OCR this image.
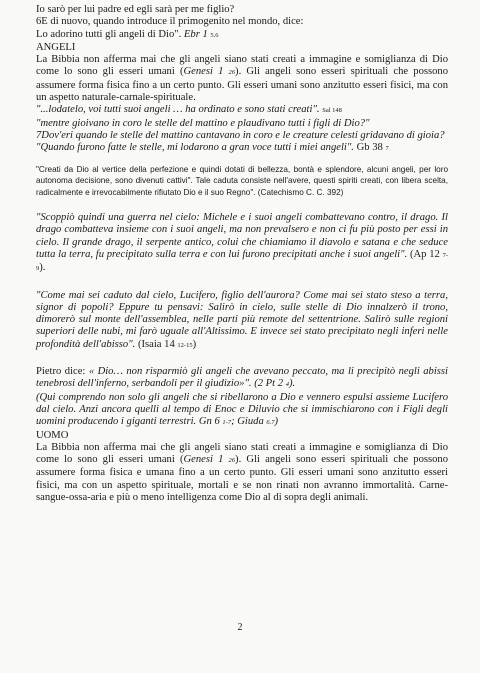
Io sarò per lui padre ed egli sarà per me figlio?

6E di nuovo, quando introduce il primogenito nel mondo, dice:

Lo adorino tutti gli angeli di Dio". Ebr 1 5.6

ANGELI

La Bibbia non afferma mai che gli angeli siano stati creati a immagine e somiglianza di Dio come lo sono gli esseri umani (Genesi 1 26). Gli angeli sono esseri spirituali che possono assumere forma fisica fino a un certo punto. Gli esseri umani sono anzitutto esseri fisici, ma con un aspetto naturale-carnale-spirituale.

"...lodatelo, voi tutti suoi angeli … ha ordinato e sono stati creati". Sal 148

"mentre gioivano in coro le stelle del mattino e plaudivano tutti i figli di Dio?"

7Dov'eri quando le stelle del mattino cantavano in coro e le creature celesti gridavano di gioia?

"Quando furono fatte le stelle, mi lodarono a gran voce tutti i miei angeli". Gb 38 7

"Creati da Dio al vertice della perfezione e quindi dotati di bellezza, bontà e splendore, alcuni angeli, per loro autonoma decisione, sono divenuti cattivi". Tale caduta consiste nell'avere, questi spiriti creati, con libera scelta, radicalmente e irrevocabilmente rifiutato Dio e il suo Regno". (Catechismo C. C. 392)

"Scoppiò quindi una guerra nel cielo: Michele e i suoi angeli combattevano contro, il drago. Il drago combatteva insieme con i suoi angeli, ma non prevalsero e non ci fu più posto per essi in cielo. Il grande drago, il serpente antico, colui che chiamiamo il diavolo e satana e che seduce tutta la terra, fu precipitato sulla terra e con lui furono precipitati anche i suoi angeli". (Ap 12 7-9).

"Come mai sei caduto dal cielo, Lucifero, figlio dell'aurora? Come mai sei stato steso a terra, signor di popoli? Eppure tu pensavi: Salirò in cielo, sulle stelle di Dio innalzerò il trono, dimorerò sul monte dell'assemblea, nelle parti più remote del settentrione. Salirò sulle regioni superiori delle nubi, mi farò uguale all'Altissimo. E invece sei stato precipitato negli inferi nelle profondità dell'abisso". (Isaia 14 12-15)

Pietro dice: « Dio… non risparmiò gli angeli che avevano peccato, ma li precipitò negli abissi tenebrosi dell'inferno, serbandoli per il giudizio»". (2 Pt 2 4).

(Qui comprendo non solo gli angeli che si ribellarono a Dio e vennero espulsi assieme Lucifero dal cielo. Anzi ancora quelli al tempo di Enoc e Diluvio che si immischiarono con i Figli degli uomini producendo i giganti terrestri. Gn 6 1-7; Giuda 6.7)

UOMO

La Bibbia non afferma mai che gli angeli siano stati creati a immagine e somiglianza di Dio come lo sono gli esseri umani (Genesi 1 26). Gli angeli sono esseri spirituali che possono assumere forma fisica e umana fino a un certo punto. Gli esseri umani sono anzitutto esseri fisici, ma con un aspetto spirituale, mortali e se non rinati non avranno immortalità. Carne-sangue-ossa-aria e più o meno intelligenza come Dio al di sopra degli animali.

2
